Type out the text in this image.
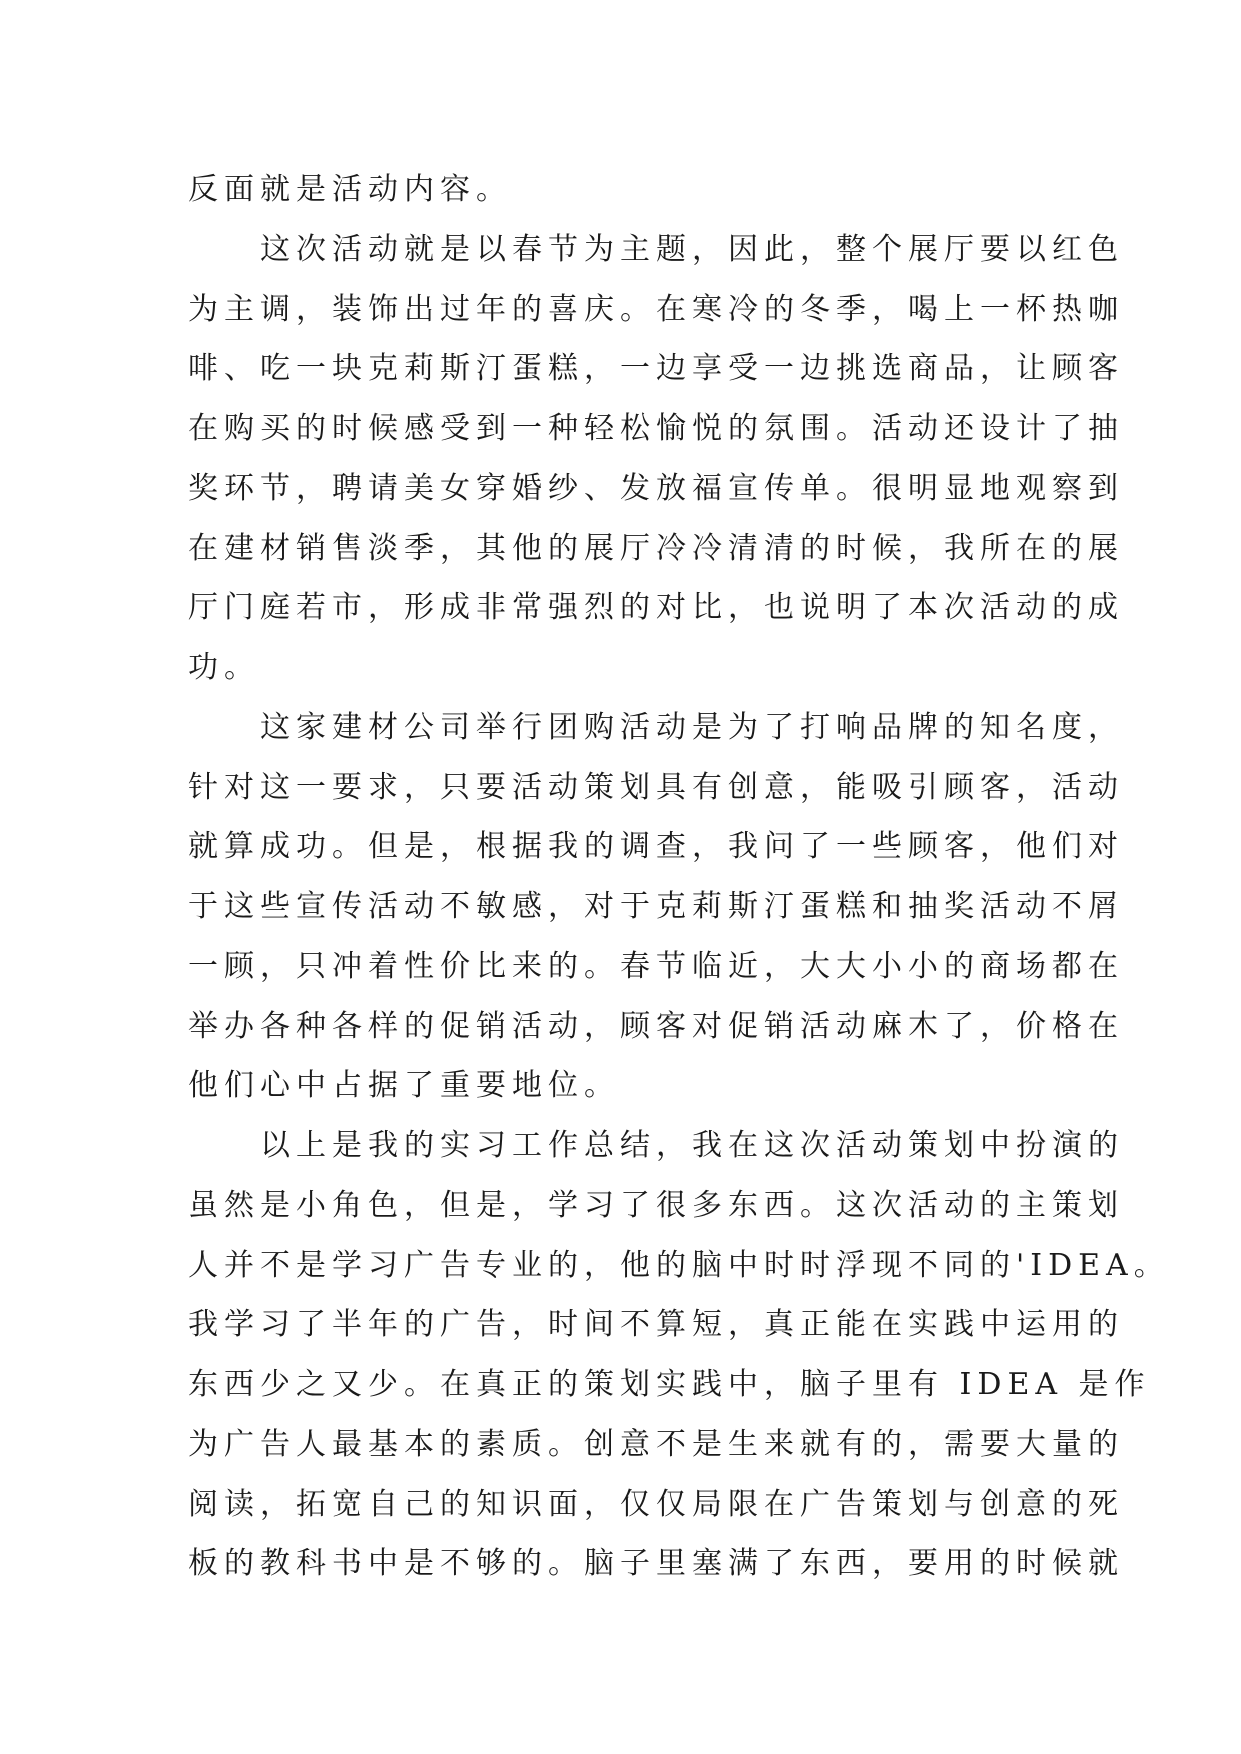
反面就是活动内容。
这次活动就是以春节为主题，因此，整个展厅要以红色
为主调，装饰出过年的喜庆。在寒冷的冬季，喝上一杯热咖
啡、吃一块克莉斯汀蛋糕，一边享受一边挑选商品，让顾客
在购买的时候感受到一种轻松愉悦的氛围。活动还设计了抽
奖环节，聘请美女穿婚纱、发放福宣传单。很明显地观察到
在建材销售淡季，其他的展厅冷冷清清的时候，我所在的展
厅门庭若市，形成非常强烈的对比，也说明了本次活动的成
功。
这家建材公司举行团购活动是为了打响品牌的知名度，
针对这一要求，只要活动策划具有创意，能吸引顾客，活动
就算成功。但是，根据我的调查，我问了一些顾客，他们对
于这些宣传活动不敏感，对于克莉斯汀蛋糕和抽奖活动不屑
一顾，只冲着性价比来的。春节临近，大大小小的商场都在
举办各种各样的促销活动，顾客对促销活动麻木了，价格在
他们心中占据了重要地位。
以上是我的实习工作总结，我在这次活动策划中扮演的
虽然是小角色，但是，学习了很多东西。这次活动的主策划
人并不是学习广告专业的，他的脑中时时浮现不同的'IDEA。
我学习了半年的广告，时间不算短，真正能在实践中运用的
东西少之又少。在真正的策划实践中，脑子里有 IDEA 是作
为广告人最基本的素质。创意不是生来就有的，需要大量的
阅读，拓宽自己的知识面，仅仅局限在广告策划与创意的死
板的教科书中是不够的。脑子里塞满了东西，要用的时候就
